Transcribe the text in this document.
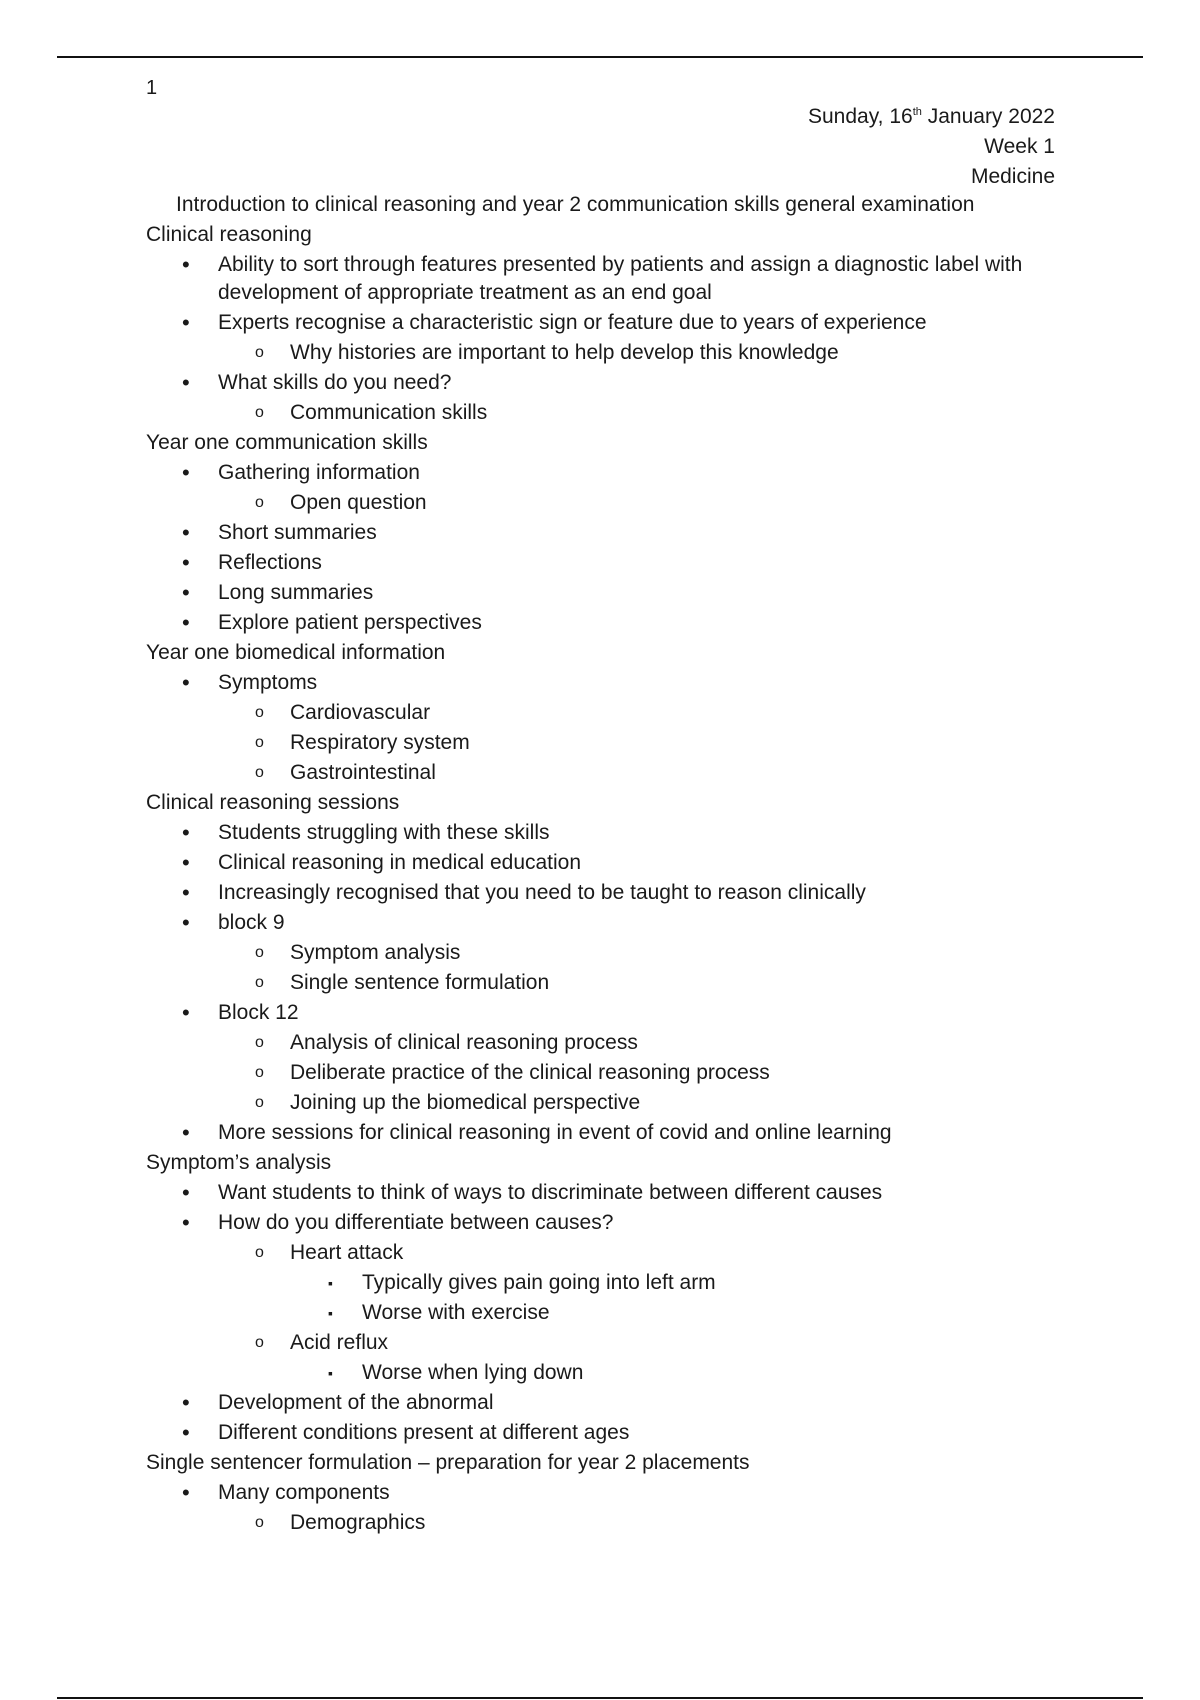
1
Sunday, 16th January 2022
Week 1
Medicine
Introduction to clinical reasoning and year 2 communication skills general examination
Clinical reasoning
• Ability to sort through features presented by patients and assign a diagnostic label with development of appropriate treatment as an end goal
• Experts recognise a characteristic sign or feature due to years of experience
o Why histories are important to help develop this knowledge
• What skills do you need?
o Communication skills
Year one communication skills
• Gathering information
o Open question
• Short summaries
• Reflections
• Long summaries
• Explore patient perspectives
Year one biomedical information
• Symptoms
o Cardiovascular
o Respiratory system
o Gastrointestinal
Clinical reasoning sessions
• Students struggling with these skills
• Clinical reasoning in medical education
• Increasingly recognised that you need to be taught to reason clinically
• block 9
o Symptom analysis
o Single sentence formulation
• Block 12
o Analysis of clinical reasoning process
o Deliberate practice of the clinical reasoning process
o Joining up the biomedical perspective
• More sessions for clinical reasoning in event of covid and online learning
Symptom’s analysis
• Want students to think of ways to discriminate between different causes
• How do you differentiate between causes?
o Heart attack
▪ Typically gives pain going into left arm
▪ Worse with exercise
o Acid reflux
▪ Worse when lying down
• Development of the abnormal
• Different conditions present at different ages
Single sentencer formulation – preparation for year 2 placements
• Many components
o Demographics
